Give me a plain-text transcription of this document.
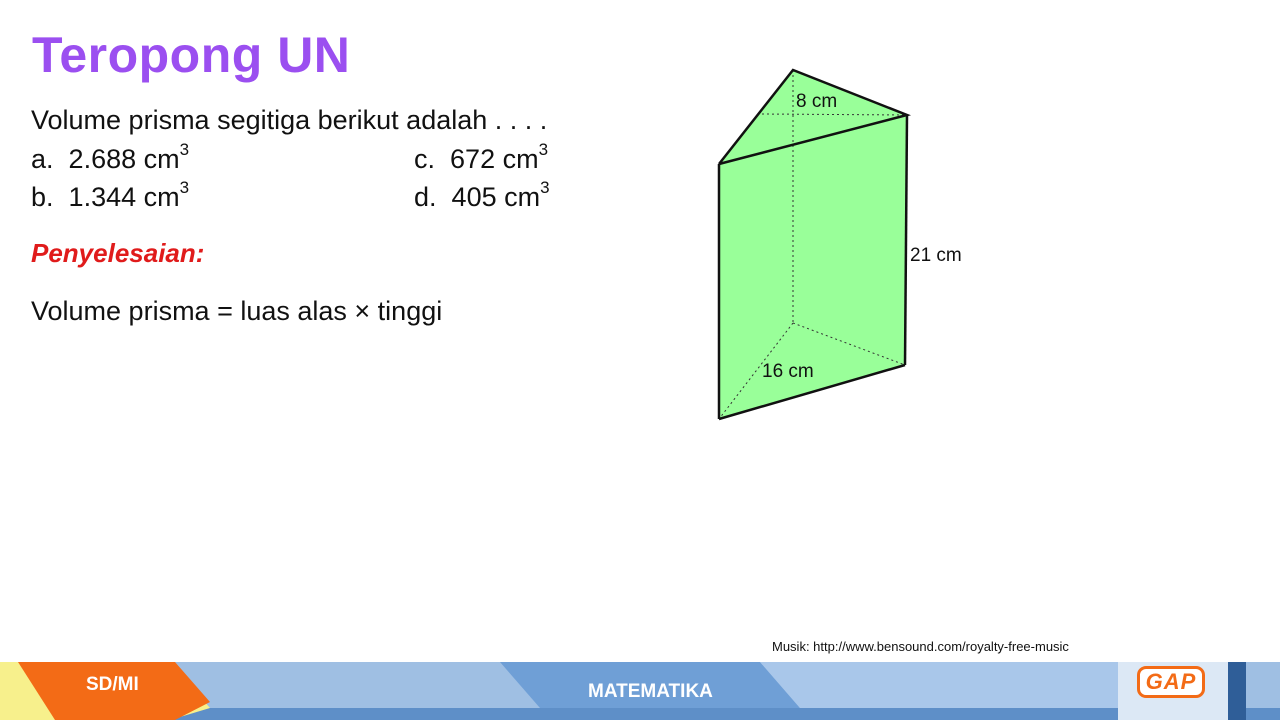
Teropong UN
Volume prisma segitiga berikut adalah . . . .
a. 2.688 $cm^3$
b. 1.344 $cm^3$
c. 672 $cm^3$
d. 405 $cm^3$
Penyelesaian:
Volume prisma = luas alas × tinggi
8 cm
21 cm
16 cm
Musik: http://www.bensound.com/royalty-free-music
SD/MI	MATEMATIKA	GAP
